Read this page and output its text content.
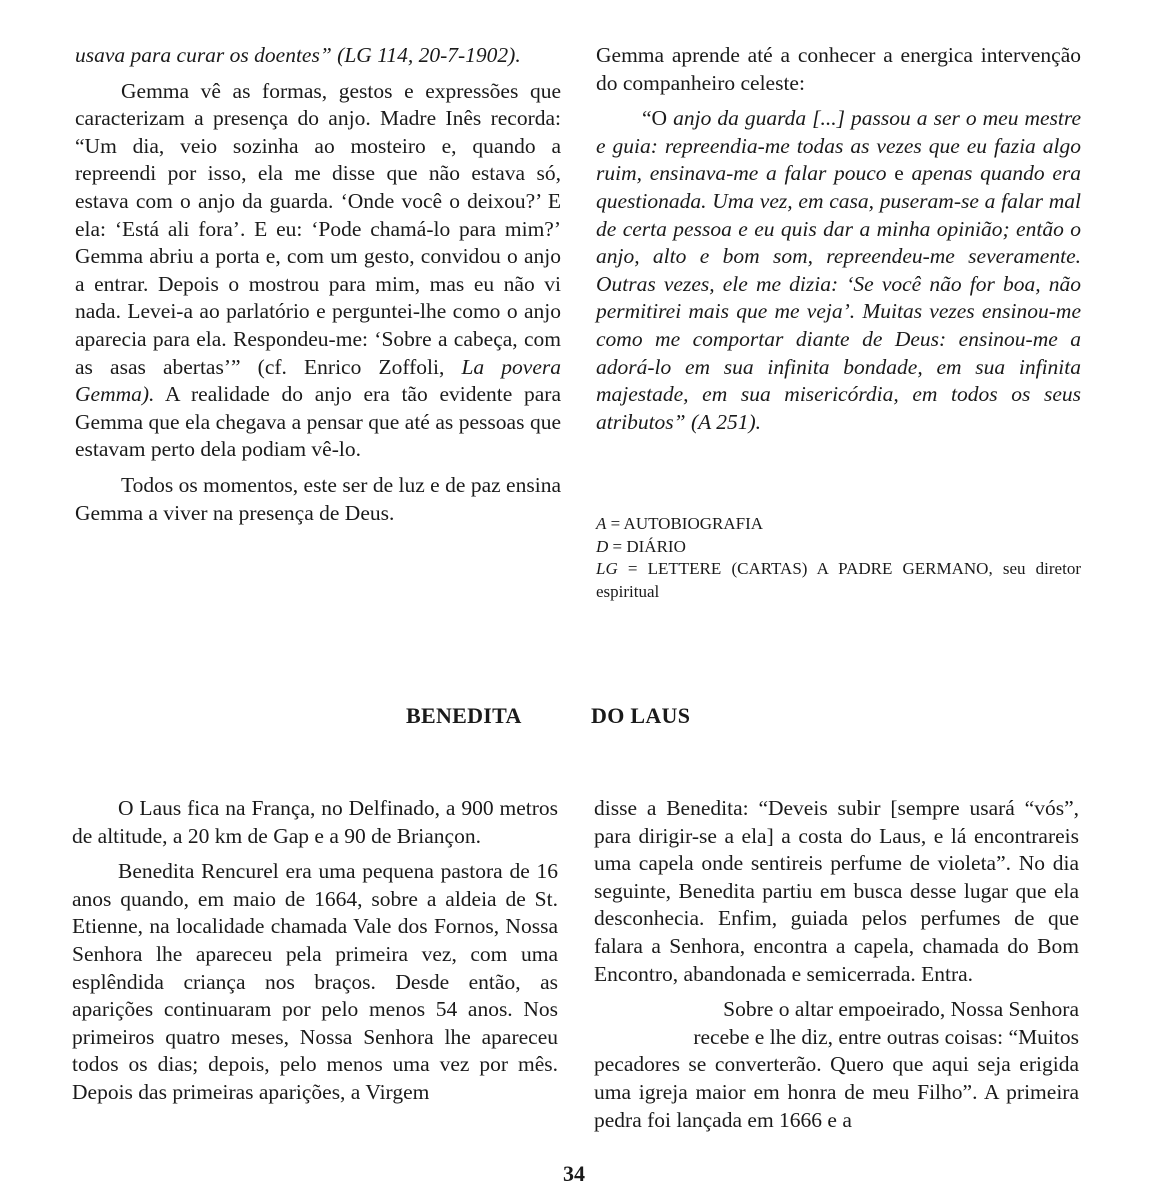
usava para curar os doentes” (LG 114, 20-7-1902).

Gemma vê as formas, gestos e expressões que caracterizam a presença do anjo. Madre Inês recorda: “Um dia, veio sozinha ao mosteiro e, quando a repreendi por isso, ela me disse que não estava só, estava com o anjo da guarda. ‘Onde você o deixou?’ E ela: ‘Está ali fora’. E eu: ‘Pode chamá-lo para mim?’ Gemma abriu a porta e, com um gesto, convidou o anjo a entrar. Depois o mostrou para mim, mas eu não vi nada. Levei-a ao parlatório e perguntei-lhe como o anjo aparecia para ela. Respondeu-me: ‘Sobre a cabeça, com as asas abertas’” (cf. Enrico Zoffoli, La povera Gemma). A realidade do anjo era tão evidente para Gemma que ela chegava a pensar que até as pessoas que estavam perto dela podiam vê-lo.

Todos os momentos, este ser de luz e de paz ensina Gemma a viver na presença de Deus.

Gemma aprende até a conhecer a energica intervenção do companheiro celeste:

“O anjo da guarda [...] passou a ser o meu mestre e guia: repreendia-me todas as vezes que eu fazia algo ruim, ensinava-me a falar pouco e apenas quando era questionada. Uma vez, em casa, puseram-se a falar mal de certa pessoa e eu quis dar a minha opinião; então o anjo, alto e bom som, repreendeu-me severamente. Outras vezes, ele me dizia: ‘Se você não for boa, não permitirei mais que me veja’. Muitas vezes ensinou-me como me comportar diante de Deus: ensinou-me a adorá-lo em sua infinita bondade, em sua infinita majestade, em sua misericórdia, em todos os seus atributos” (A 251).

A = AUTOBIOGRAFIA

D = DIÁRIO

LG = LETTERE (CARTAS) A PADRE GERMANO, seu diretor espiritual

BENEDITA	DO LAUS

O Laus fica na França, no Delfinado, a 900 metros de altitude, a 20 km de Gap e a 90 de Briançon.

Benedita Rencurel era uma pequena pastora de 16 anos quando, em maio de 1664, sobre a aldeia de St. Etienne, na localidade chamada Vale dos Fornos, Nossa Senhora lhe apareceu pela primeira vez, com uma esplêndida criança nos braços. Desde então, as aparições continuaram por pelo menos 54 anos. Nos primeiros quatro meses, Nossa Senhora lhe apareceu todos os dias; depois, pelo menos uma vez por mês. Depois das primeiras aparições, a Virgem

disse a Benedita: “Deveis subir [sempre usará “vós”, para dirigir-se a ela] a costa do Laus, e lá encontrareis uma capela onde sentireis perfume de violeta”. No dia seguinte, Benedita partiu em busca desse lugar que ela desconhecia. Enfim, guiada pelos perfumes de que falara a Senhora, encontra a capela, chamada do Bom Encontro, abandonada e semicerrada. Entra.

Sobre o altar empoeirado, Nossa Senhora
recebe e lhe diz, entre outras coisas: “Muitos
pecadores se converterão. Quero que aqui seja erigida uma igreja maior em honra de meu Filho”. A primeira pedra foi lançada em 1666 e a

34
